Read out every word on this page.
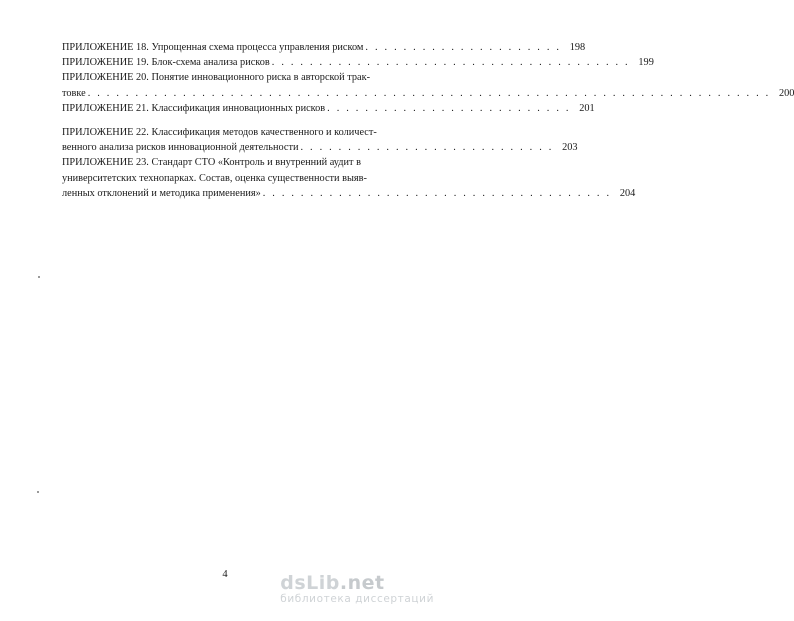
ПРИЛОЖЕНИЕ 18. Упрощенная схема процесса управления риском . . . . . . . . . . . . . . . . . . . . . 198
ПРИЛОЖЕНИЕ 19. Блок-схема анализа рисков . . . . . . . . . . . . . . . . . . . . . . . . . . . . . . . . . . . . . . 199
ПРИЛОЖЕНИЕ 20. Понятие инновационного риска в авторской трак-
товке . . . . . . . . . . . . . . . . . . . . . . . . . . . . . . . . . . . . . . . . . . . . . . . . . . . . . . . . . . . . . . . . . . . . . . . . 200
ПРИЛОЖЕНИЕ 21. Классификация инновационных рисков . . . . . . . . . . . . . . . . . . . . . . . . . . 201
ПРИЛОЖЕНИЕ 22. Классификация методов качественного и количест-
венного анализа рисков инновационной деятельности . . . . . . . . . . . . . . . . . . . . . . . . . . . 203
ПРИЛОЖЕНИЕ 23. Стандарт СТО «Контроль и внутренний аудит в
университетских технопарках. Состав, оценка существенности выяв-
ленных отклонений и методика применения» . . . . . . . . . . . . . . . . . . . . . . . . . . . . . . . . . . . . . 204
4	dsLib.net
библиотека диссертаций
